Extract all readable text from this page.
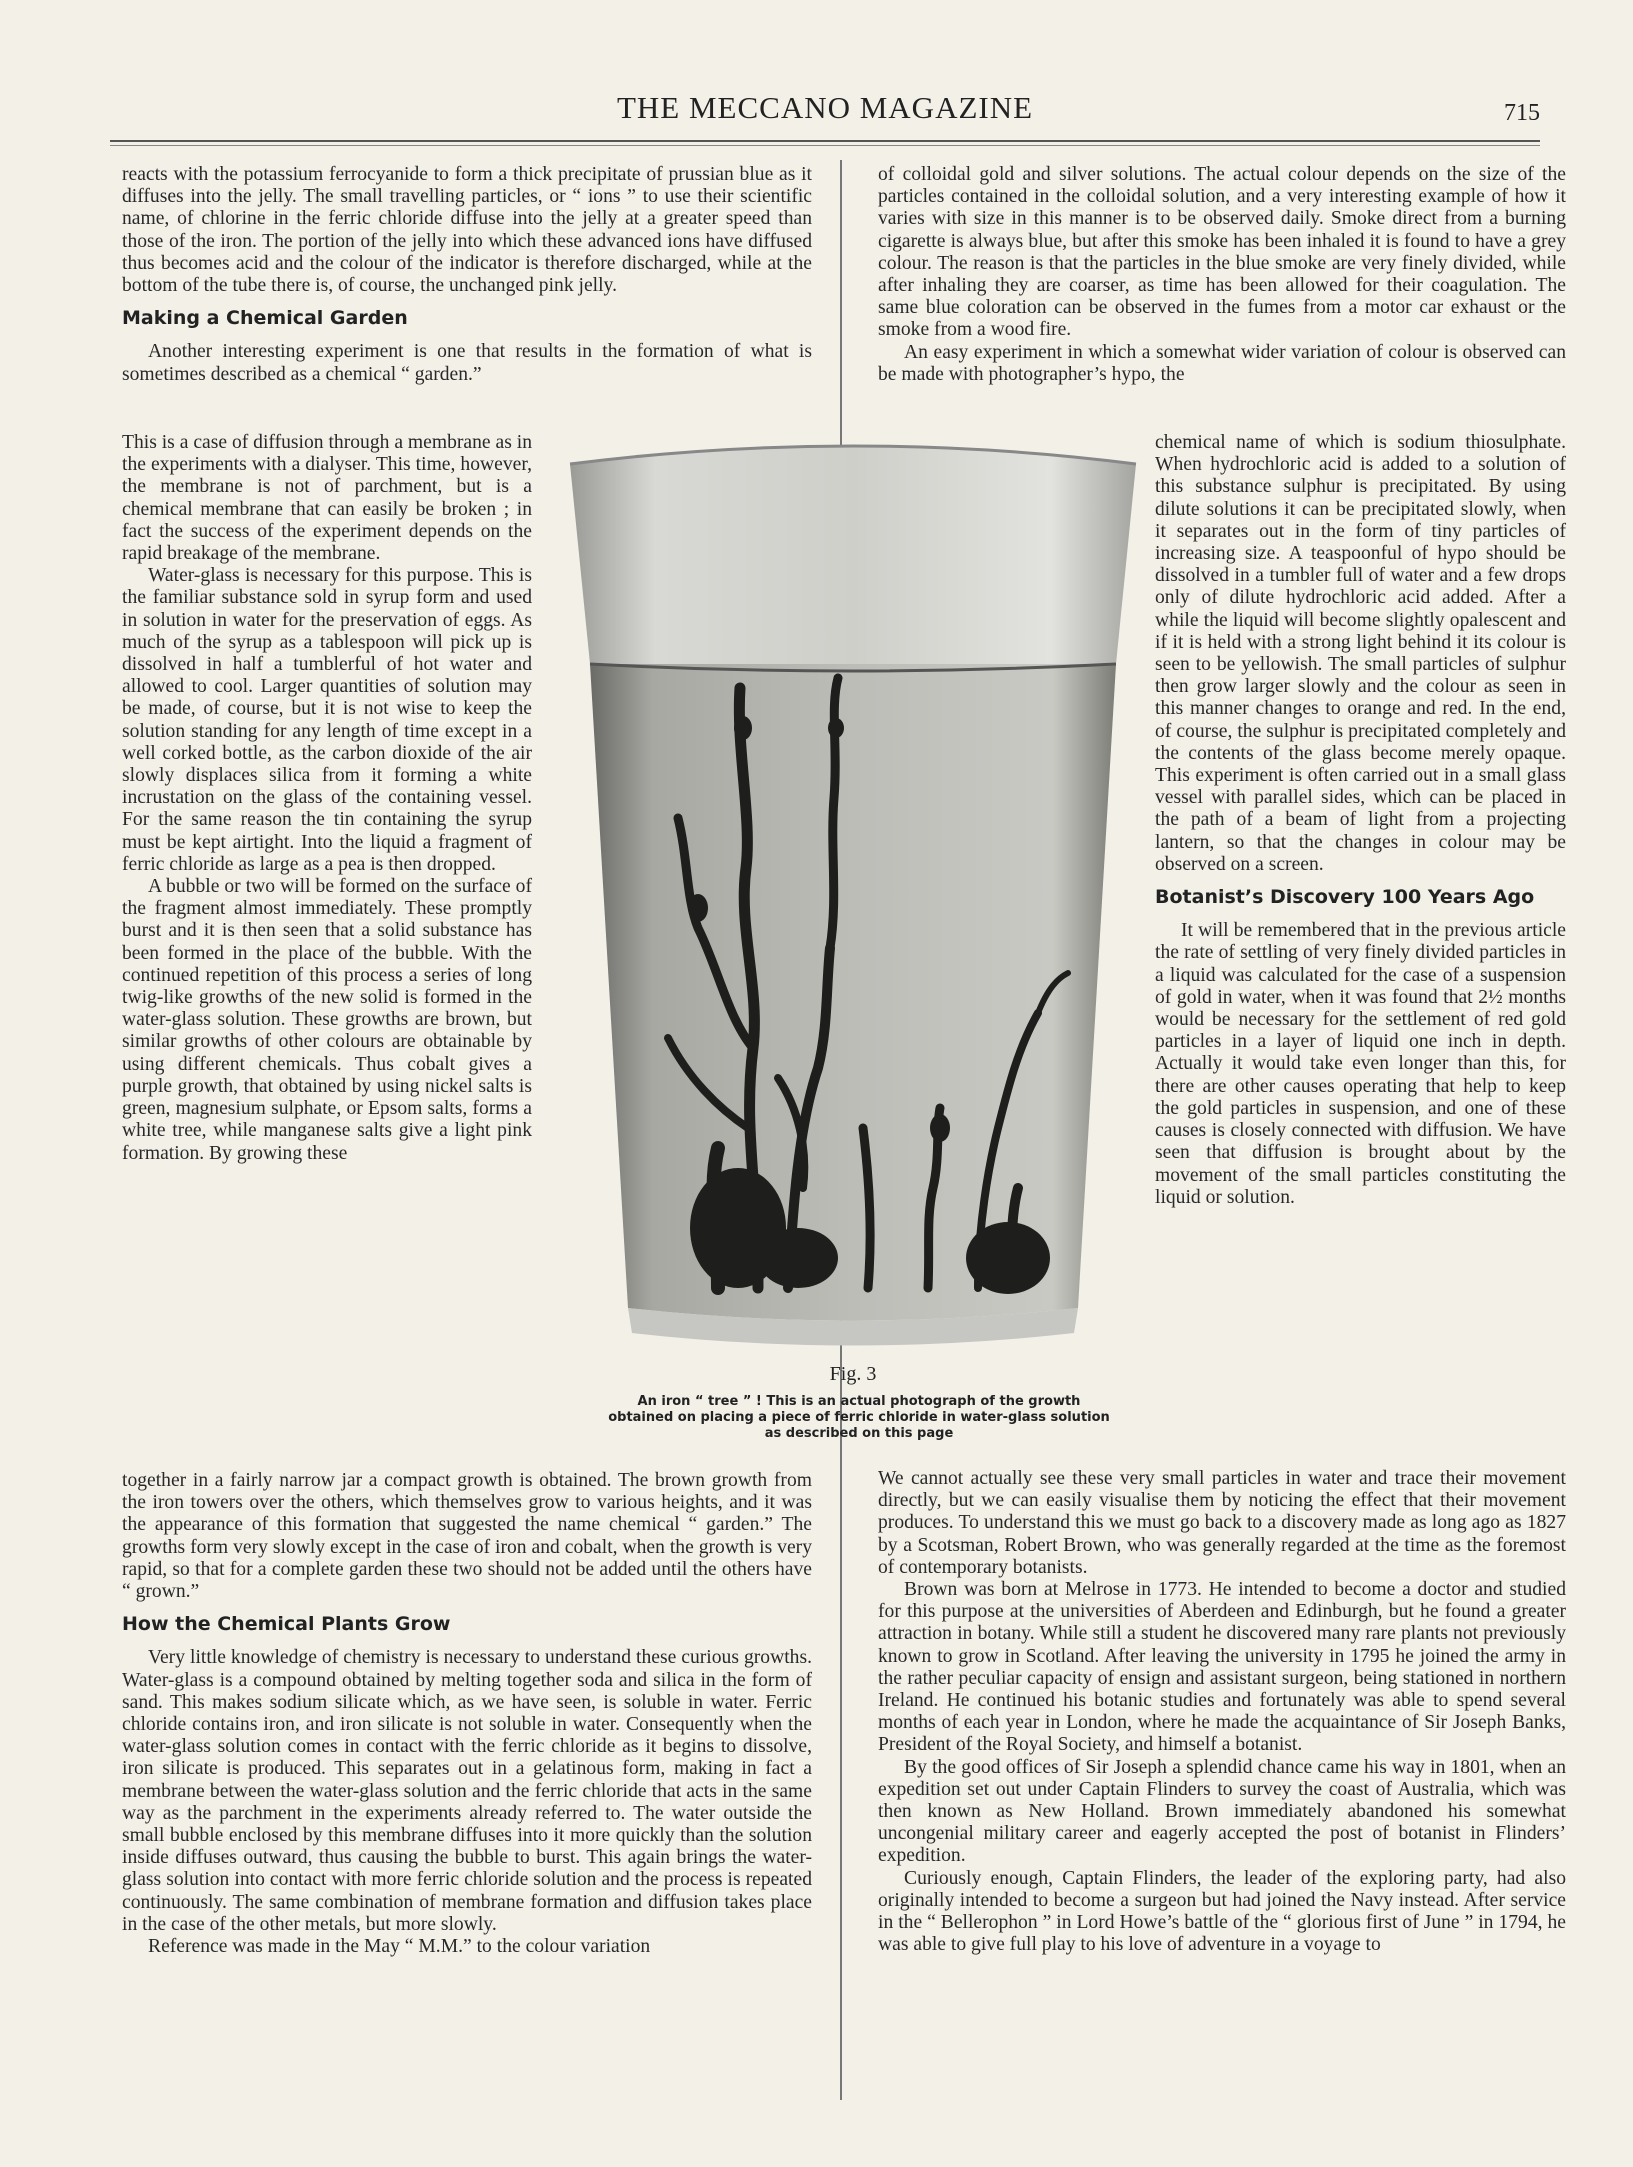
THE MECCANO MAGAZINE	715

reacts with the potassium ferrocyanide to form a thick precipitate of prussian blue as it diffuses into the jelly. The small travelling particles, or “ ions ” to use their scientific name, of chlorine in the ferric chloride diffuse into the jelly at a greater speed than those of the iron. The portion of the jelly into which these advanced ions have diffused thus becomes acid and the colour of the indicator is therefore discharged, while at the bottom of the tube there is, of course, the unchanged pink jelly.

Making a Chemical Garden

Another interesting experiment is one that results in the formation of what is sometimes described as a chemical “ garden.”

This is a case of diffusion through a membrane as in the experiments with a dialyser. This time, however, the membrane is not of parchment, but is a chemical membrane that can easily be broken ; in fact the success of the experiment depends on the rapid breakage of the membrane.

Water-glass is necessary for this purpose. This is the familiar substance sold in syrup form and used in solution in water for the preservation of eggs. As much of the syrup as a tablespoon will pick up is dissolved in half a tumblerful of hot water and allowed to cool. Larger quantities of solution may be made, of course, but it is not wise to keep the solution standing for any length of time except in a well corked bottle, as the carbon dioxide of the air slowly displaces silica from it forming a white incrustation on the glass of the containing vessel. For the same reason the tin containing the syrup must be kept airtight. Into the liquid a fragment of ferric chloride as large as a pea is then dropped.

A bubble or two will be formed on the surface of the fragment almost immediately. These promptly burst and it is then seen that a solid substance has been formed in the place of the bubble. With the continued repetition of this process a series of long twig-like growths of the new solid is formed in the water-glass solution. These growths are brown, but similar growths of other colours are obtainable by using different chemicals. Thus cobalt gives a purple growth, that obtained by using nickel salts is green, magnesium sulphate, or Epsom salts, forms a white tree, while manganese salts give a light pink formation. By growing these

together in a fairly narrow jar a compact growth is obtained. The brown growth from the iron towers over the others, which themselves grow to various heights, and it was the appearance of this formation that suggested the name chemical “ garden.” The growths form very slowly except in the case of iron and cobalt, when the growth is very rapid, so that for a complete garden these two should not be added until the others have “ grown.”

How the Chemical Plants Grow

Very little knowledge of chemistry is necessary to understand these curious growths. Water-glass is a compound obtained by melting together soda and silica in the form of sand. This makes sodium silicate which, as we have seen, is soluble in water. Ferric chloride contains iron, and iron silicate is not soluble in water. Consequently when the water-glass solution comes in contact with the ferric chloride as it begins to dissolve, iron silicate is produced. This separates out in a gelatinous form, making in fact a membrane between the water-glass solution and the ferric chloride that acts in the same way as the parchment in the experiments already referred to. The water outside the small bubble enclosed by this membrane diffuses into it more quickly than the solution inside diffuses outward, thus causing the bubble to burst. This again brings the water-glass solution into contact with more ferric chloride solution and the process is repeated continuously. The same combination of membrane formation and diffusion takes place in the case of the other metals, but more slowly.

Reference was made in the May “ M.M.” to the colour variation

of colloidal gold and silver solutions. The actual colour depends on the size of the particles contained in the colloidal solution, and a very interesting example of how it varies with size in this manner is to be observed daily. Smoke direct from a burning cigarette is always blue, but after this smoke has been inhaled it is found to have a grey colour. The reason is that the particles in the blue smoke are very finely divided, while after inhaling they are coarser, as time has been allowed for their coagulation. The same blue coloration can be observed in the fumes from a motor car exhaust or the smoke from a wood fire.

An easy experiment in which a somewhat wider variation of colour is observed can be made with photographer’s hypo, the

chemical name of which is sodium thiosulphate. When hydrochloric acid is added to a solution of this substance sulphur is precipitated. By using dilute solutions it can be precipitated slowly, when it separates out in the form of tiny particles of increasing size. A teaspoonful of hypo should be dissolved in a tumbler full of water and a few drops only of dilute hydrochloric acid added. After a while the liquid will become slightly opalescent and if it is held with a strong light behind it its colour is seen to be yellowish. The small particles of sulphur then grow larger slowly and the colour as seen in this manner changes to orange and red. In the end, of course, the sulphur is precipitated completely and the contents of the glass become merely opaque. This experiment is often carried out in a small glass vessel with parallel sides, which can be placed in the path of a beam of light from a projecting lantern, so that the changes in colour may be observed on a screen.

Botanist’s Discovery 100 Years Ago

It will be remembered that in the previous article the rate of settling of very finely divided particles in a liquid was calculated for the case of a suspension of gold in water, when it was found that 2½ months would be necessary for the settlement of red gold particles in a layer of liquid one inch in depth. Actually it would take even longer than this, for there are other causes operating that help to keep the gold particles in suspension, and one of these causes is closely connected with diffusion. We have seen that diffusion is brought about by the movement of the small particles constituting the liquid or solution.

We cannot actually see these very small particles in water and trace their movement directly, but we can easily visualise them by noticing the effect that their movement produces. To understand this we must go back to a discovery made as long ago as 1827 by a Scotsman, Robert Brown, who was generally regarded at the time as the foremost of contemporary botanists.

Brown was born at Melrose in 1773. He intended to become a doctor and studied for this purpose at the universities of Aberdeen and Edinburgh, but he found a greater attraction in botany. While still a student he discovered many rare plants not previously known to grow in Scotland. After leaving the university in 1795 he joined the army in the rather peculiar capacity of ensign and assistant surgeon, being stationed in northern Ireland. He continued his botanic studies and fortunately was able to spend several months of each year in London, where he made the acquaintance of Sir Joseph Banks, President of the Royal Society, and himself a botanist.

By the good offices of Sir Joseph a splendid chance came his way in 1801, when an expedition set out under Captain Flinders to survey the coast of Australia, which was then known as New Holland. Brown immediately abandoned his somewhat uncongenial military career and eagerly accepted the post of botanist in Flinders’ expedition.

Curiously enough, Captain Flinders, the leader of the exploring party, had also originally intended to become a surgeon but had joined the Navy instead. After service in the “ Bellerophon ” in Lord Howe’s battle of the “ glorious first of June ” in 1794, he was able to give full play to his love of adventure in a voyage to

Fig. 3
An iron “ tree ” ! This is an actual photograph of the growth obtained on placing a piece of ferric chloride in water-glass solution as described on this page
